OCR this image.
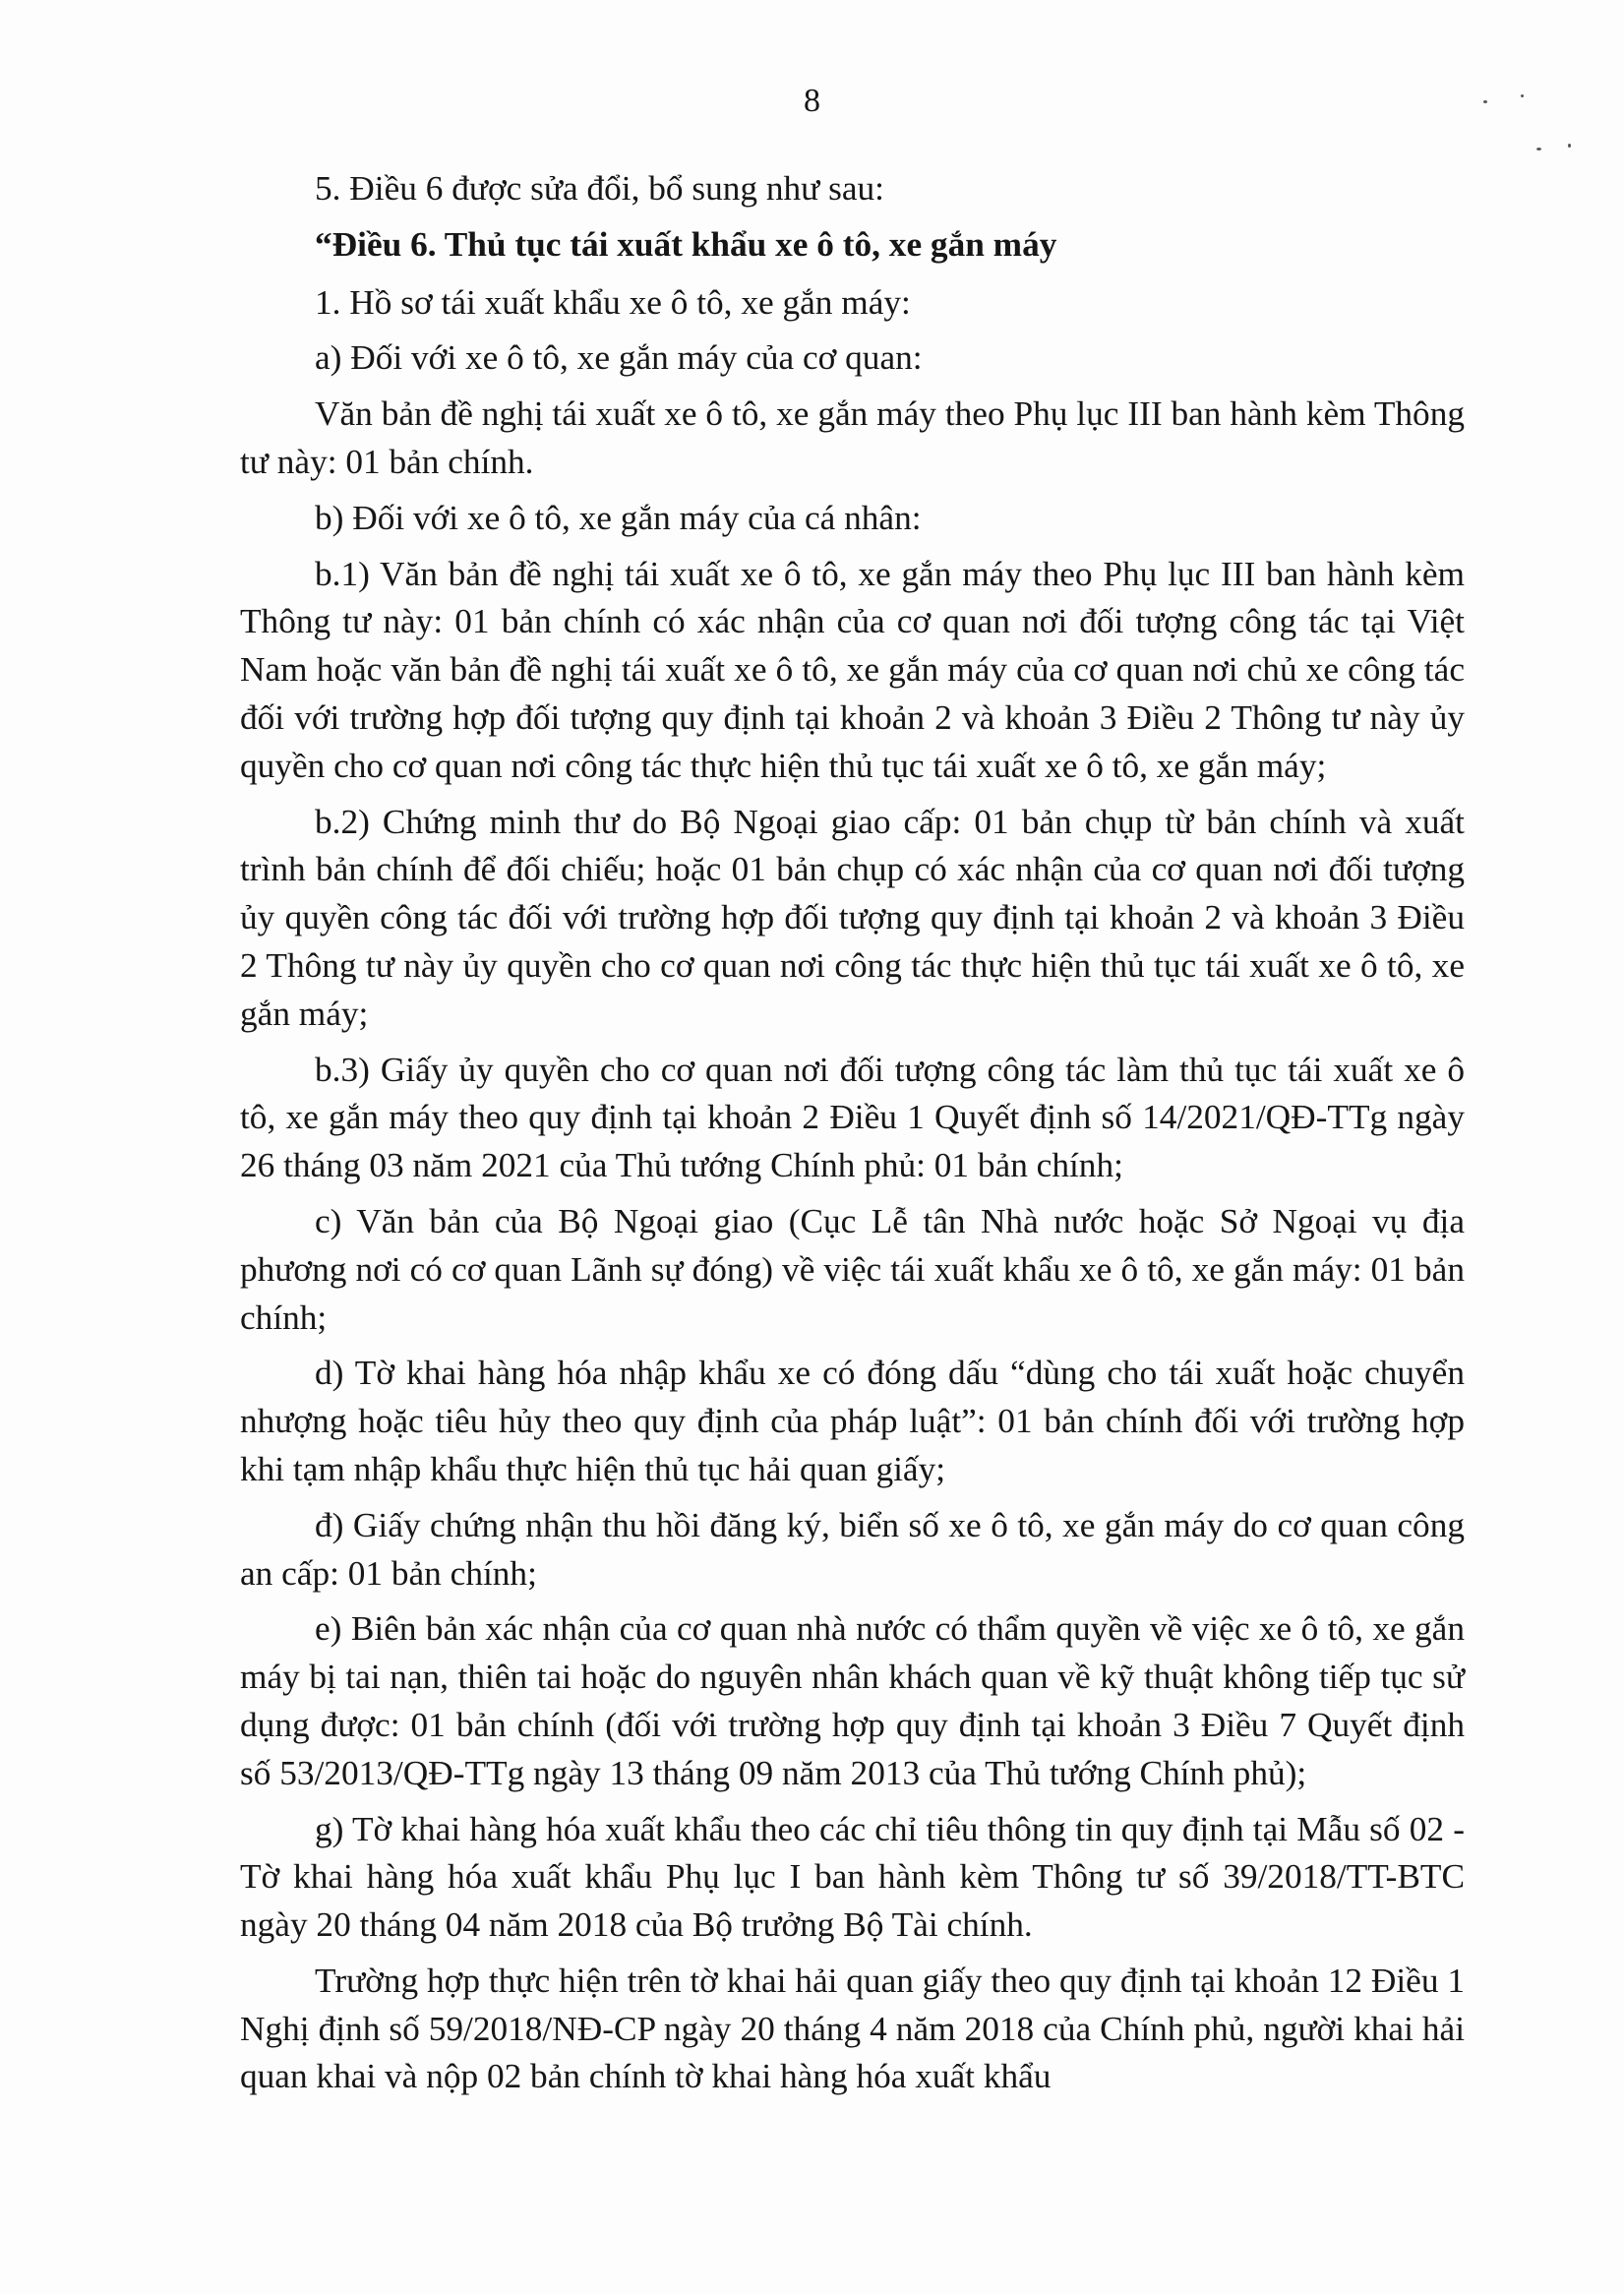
8

5. Điều 6 được sửa đổi, bổ sung như sau:

“Điều 6. Thủ tục tái xuất khẩu xe ô tô, xe gắn máy

1. Hồ sơ tái xuất khẩu xe ô tô, xe gắn máy:

a) Đối với xe ô tô, xe gắn máy của cơ quan:

Văn bản đề nghị tái xuất xe ô tô, xe gắn máy theo Phụ lục III ban hành kèm Thông tư này: 01 bản chính.

b) Đối với xe ô tô, xe gắn máy của cá nhân:

b.1) Văn bản đề nghị tái xuất xe ô tô, xe gắn máy theo Phụ lục III ban hành kèm Thông tư này: 01 bản chính có xác nhận của cơ quan nơi đối tượng công tác tại Việt Nam hoặc văn bản đề nghị tái xuất xe ô tô, xe gắn máy của cơ quan nơi chủ xe công tác đối với trường hợp đối tượng quy định tại khoản 2 và khoản 3 Điều 2 Thông tư này ủy quyền cho cơ quan nơi công tác thực hiện thủ tục tái xuất xe ô tô, xe gắn máy;

b.2) Chứng minh thư do Bộ Ngoại giao cấp: 01 bản chụp từ bản chính và xuất trình bản chính để đối chiếu; hoặc 01 bản chụp có xác nhận của cơ quan nơi đối tượng ủy quyền công tác đối với trường hợp đối tượng quy định tại khoản 2 và khoản 3 Điều 2 Thông tư này ủy quyền cho cơ quan nơi công tác thực hiện thủ tục tái xuất xe ô tô, xe gắn máy;

b.3) Giấy ủy quyền cho cơ quan nơi đối tượng công tác làm thủ tục tái xuất xe ô tô, xe gắn máy theo quy định tại khoản 2 Điều 1 Quyết định số 14/2021/QĐ-TTg ngày 26 tháng 03 năm 2021 của Thủ tướng Chính phủ: 01 bản chính;

c) Văn bản của Bộ Ngoại giao (Cục Lễ tân Nhà nước hoặc Sở Ngoại vụ địa phương nơi có cơ quan Lãnh sự đóng) về việc tái xuất khẩu xe ô tô, xe gắn máy: 01 bản chính;

d) Tờ khai hàng hóa nhập khẩu xe có đóng dấu “dùng cho tái xuất hoặc chuyển nhượng hoặc tiêu hủy theo quy định của pháp luật”: 01 bản chính đối với trường hợp khi tạm nhập khẩu thực hiện thủ tục hải quan giấy;

đ) Giấy chứng nhận thu hồi đăng ký, biển số xe ô tô, xe gắn máy do cơ quan công an cấp: 01 bản chính;

e) Biên bản xác nhận của cơ quan nhà nước có thẩm quyền về việc xe ô tô, xe gắn máy bị tai nạn, thiên tai hoặc do nguyên nhân khách quan về kỹ thuật không tiếp tục sử dụng được: 01 bản chính (đối với trường hợp quy định tại khoản 3 Điều 7 Quyết định số 53/2013/QĐ-TTg ngày 13 tháng 09 năm 2013 của Thủ tướng Chính phủ);

g) Tờ khai hàng hóa xuất khẩu theo các chỉ tiêu thông tin quy định tại Mẫu số 02 - Tờ khai hàng hóa xuất khẩu Phụ lục I ban hành kèm Thông tư số 39/2018/TT-BTC ngày 20 tháng 04 năm 2018 của Bộ trưởng Bộ Tài chính.

Trường hợp thực hiện trên tờ khai hải quan giấy theo quy định tại khoản 12 Điều 1 Nghị định số 59/2018/NĐ-CP ngày 20 tháng 4 năm 2018 của Chính phủ, người khai hải quan khai và nộp 02 bản chính tờ khai hàng hóa xuất khẩu
